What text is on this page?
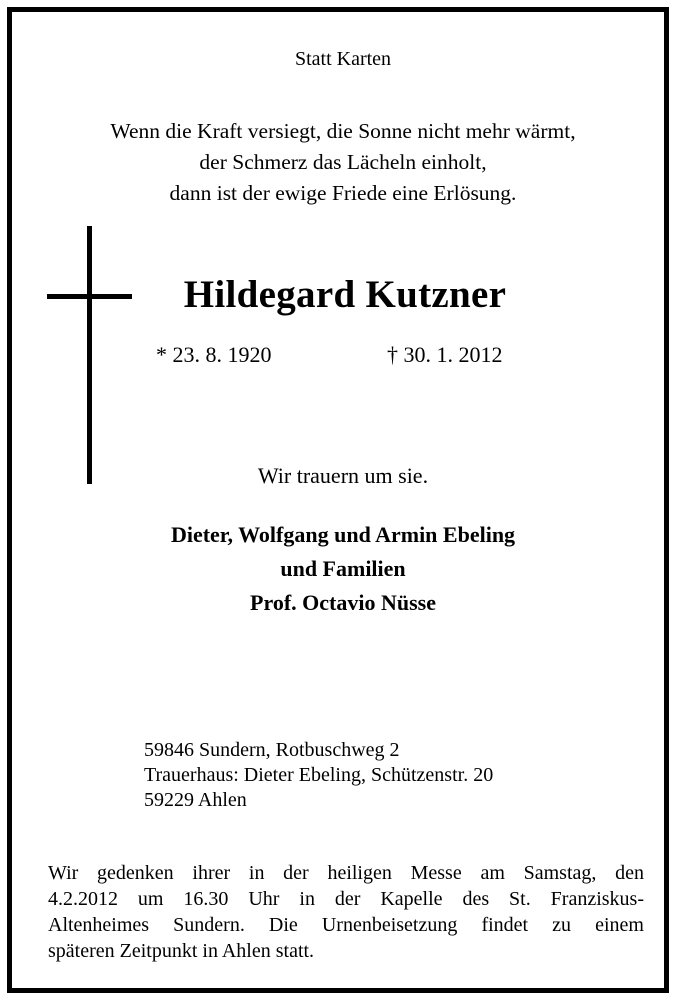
Statt Karten
Wenn die Kraft versiegt, die Sonne nicht mehr wärmt,
der Schmerz das Lächeln einholt,
dann ist der ewige Friede eine Erlösung.
Hildegard Kutzner
* 23. 8. 1920	† 30. 1. 2012
Wir trauern um sie.
Dieter, Wolfgang und Armin Ebeling
und Familien
Prof. Octavio Nüsse
59846 Sundern, Rotbuschweg 2
Trauerhaus: Dieter Ebeling, Schützenstr. 20
59229 Ahlen
Wir gedenken ihrer in der heiligen Messe am Samstag, den
4.2.2012 um 16.30 Uhr in der Kapelle des St. Franziskus-
Altenheimes Sundern. Die Urnenbeisetzung findet zu einem
späteren Zeitpunkt in Ahlen statt.
